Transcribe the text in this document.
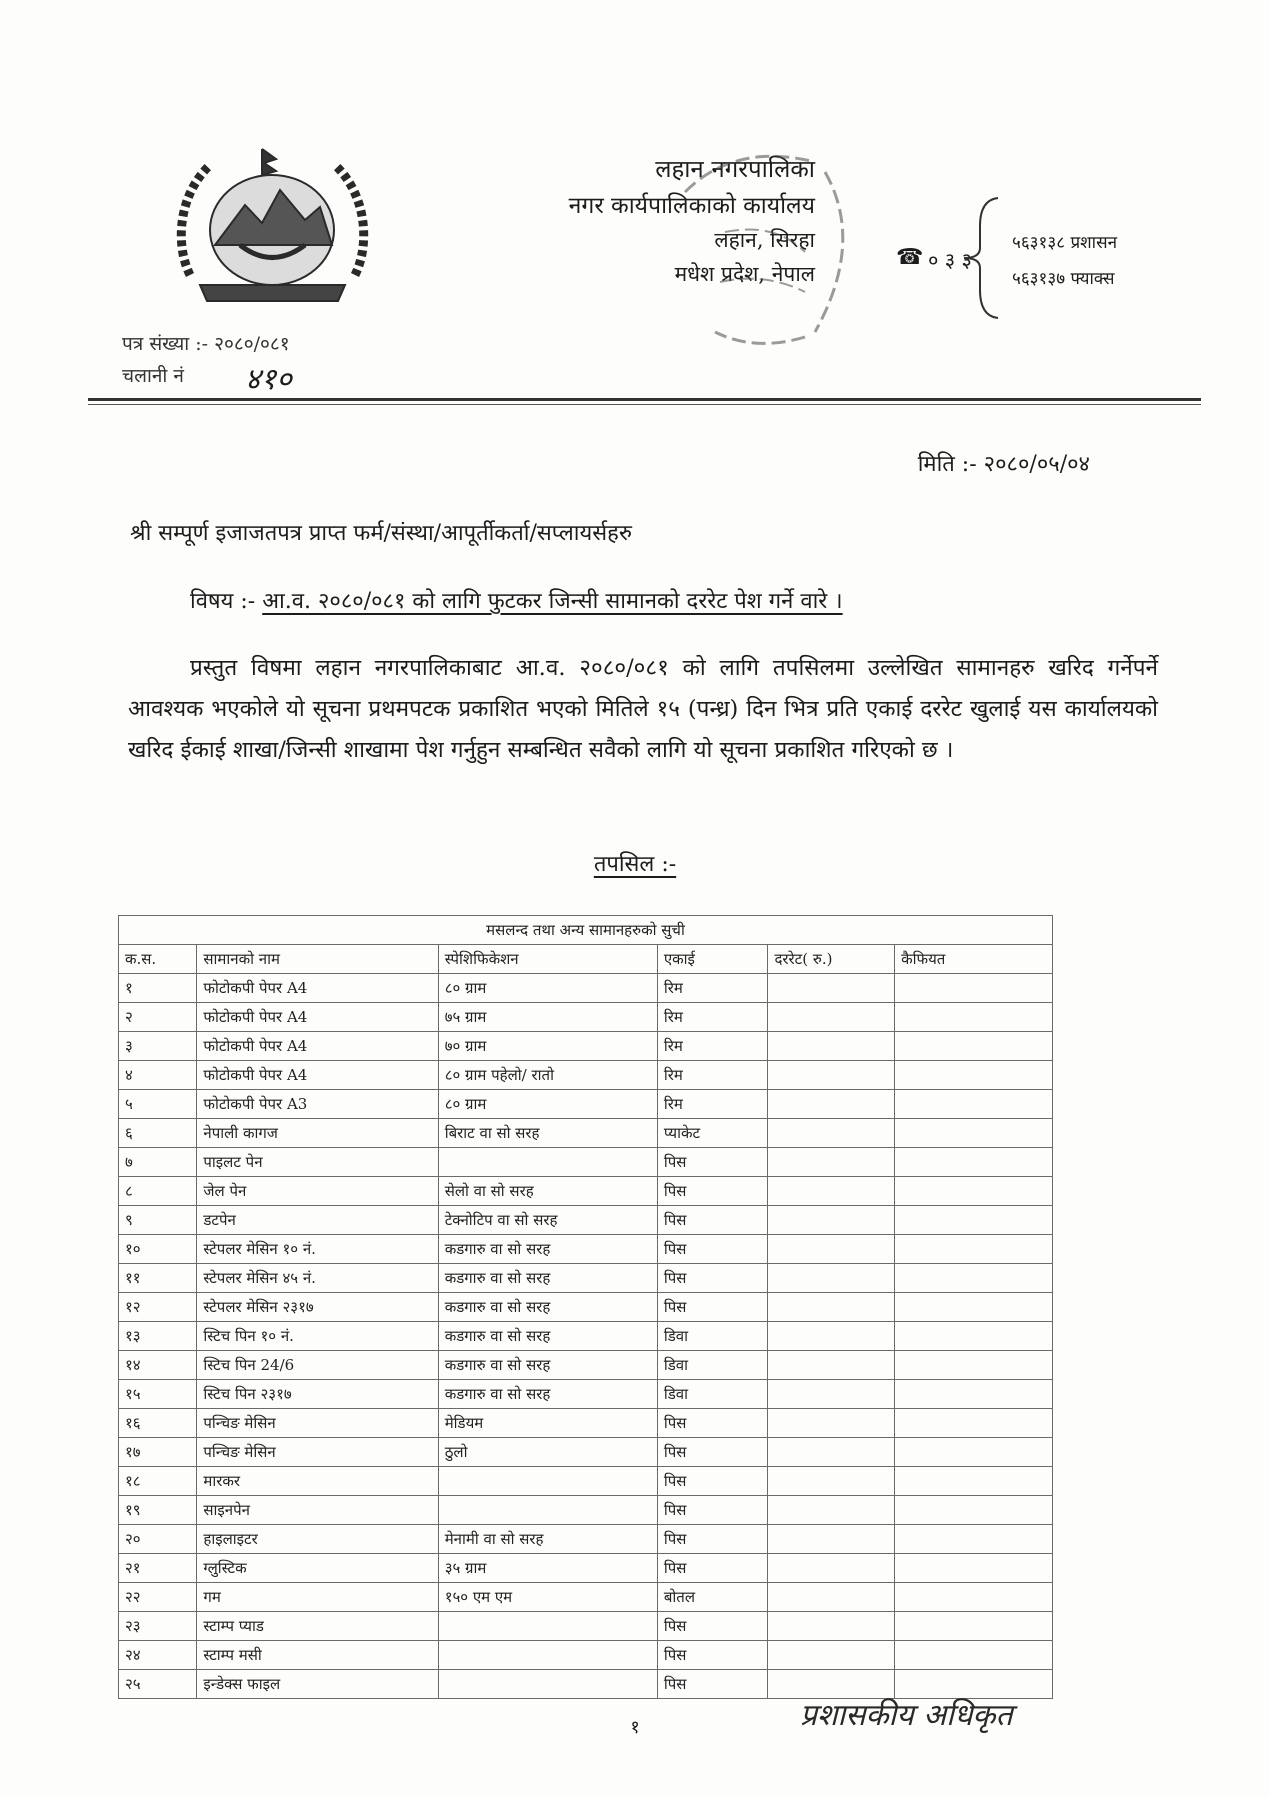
लहान नगरपालिका
नगर कार्यपालिकाको कार्यालय
लहान, सिरहा
मधेश प्रदेश, नेपाल
☎ ० ३ ३
५६३१३८ प्रशासन
५६३१३७ फ्याक्स
पत्र संख्या :- २०८०/०८१
चलानी नं ४१०
मिति :- २०८०/०५/०४
श्री सम्पूर्ण इजाजतपत्र प्राप्त फर्म/संस्था/आपूर्तीकर्ता/सप्लायर्सहरु
विषय :- आ.व. २०८०/०८१ को लागि फुटकर जिन्सी सामानको दररेट पेश गर्ने वारे ।
प्रस्तुत विषमा लहान नगरपालिकाबाट आ.व. २०८०/०८१ को लागि तपसिलमा उल्लेखित सामानहरु खरिद गर्नेपर्ने आवश्यक भएकोले यो सूचना प्रथमपटक प्रकाशित भएको मितिले १५ (पन्ध्र) दिन भित्र प्रति एकाई दररेट खुलाई यस कार्यालयको खरिद ईकाई शाखा/जिन्सी शाखामा पेश गर्नुहुन सम्बन्धित सवैको लागि यो सूचना प्रकाशित गरिएको छ ।
तपसिल :-
मसलन्द तथा अन्य सामानहरुको सुची					
क.स.	सामानको नाम	स्पेशिफिकेशन	एकाई	दररेट( रु.)	कैफियत
१	फोटोकपी पेपर A4	८० ग्राम	रिम		
२	फोटोकपी पेपर A4	७५ ग्राम	रिम		
३	फोटोकपी पेपर A4	७० ग्राम	रिम		
४	फोटोकपी पेपर A4	८० ग्राम पहेलो/ रातो	रिम		
५	फोटोकपी पेपर A3	८० ग्राम	रिम		
६	नेपाली कागज	बिराट वा सो सरह	प्याकेट		
७	पाइलट पेन		पिस		
८	जेल पेन	सेलो वा सो सरह	पिस		
९	डटपेन	टेक्नोटिप वा सो सरह	पिस		
१०	स्टेपलर मेसिन १० नं.	कडगारु वा सो सरह	पिस		
११	स्टेपलर मेसिन ४५ नं.	कडगारु वा सो सरह	पिस		
१२	स्टेपलर मेसिन २३१७	कडगारु वा सो सरह	पिस		
१३	स्टिच पिन १० नं.	कडगारु वा सो सरह	डिवा		
१४	स्टिच पिन 24/6	कडगारु वा सो सरह	डिवा		
१५	स्टिच पिन २३१७	कडगारु वा सो सरह	डिवा		
१६	पन्चिङ मेसिन	मेडियम	पिस		
१७	पन्चिङ मेसिन	ठुलो	पिस		
१८	मारकर		पिस		
१९	साइनपेन		पिस		
२०	हाइलाइटर	मेनामी वा सो सरह	पिस		
२१	ग्लुस्टिक	३५ ग्राम	पिस		
२२	गम	१५० एम एम	बोतल		
२३	स्टाम्प प्याड		पिस		
२४	स्टाम्प मसी		पिस		
२५	इन्डेक्स फाइल		पिस		
१	प्रशासकीय अधिकृत
